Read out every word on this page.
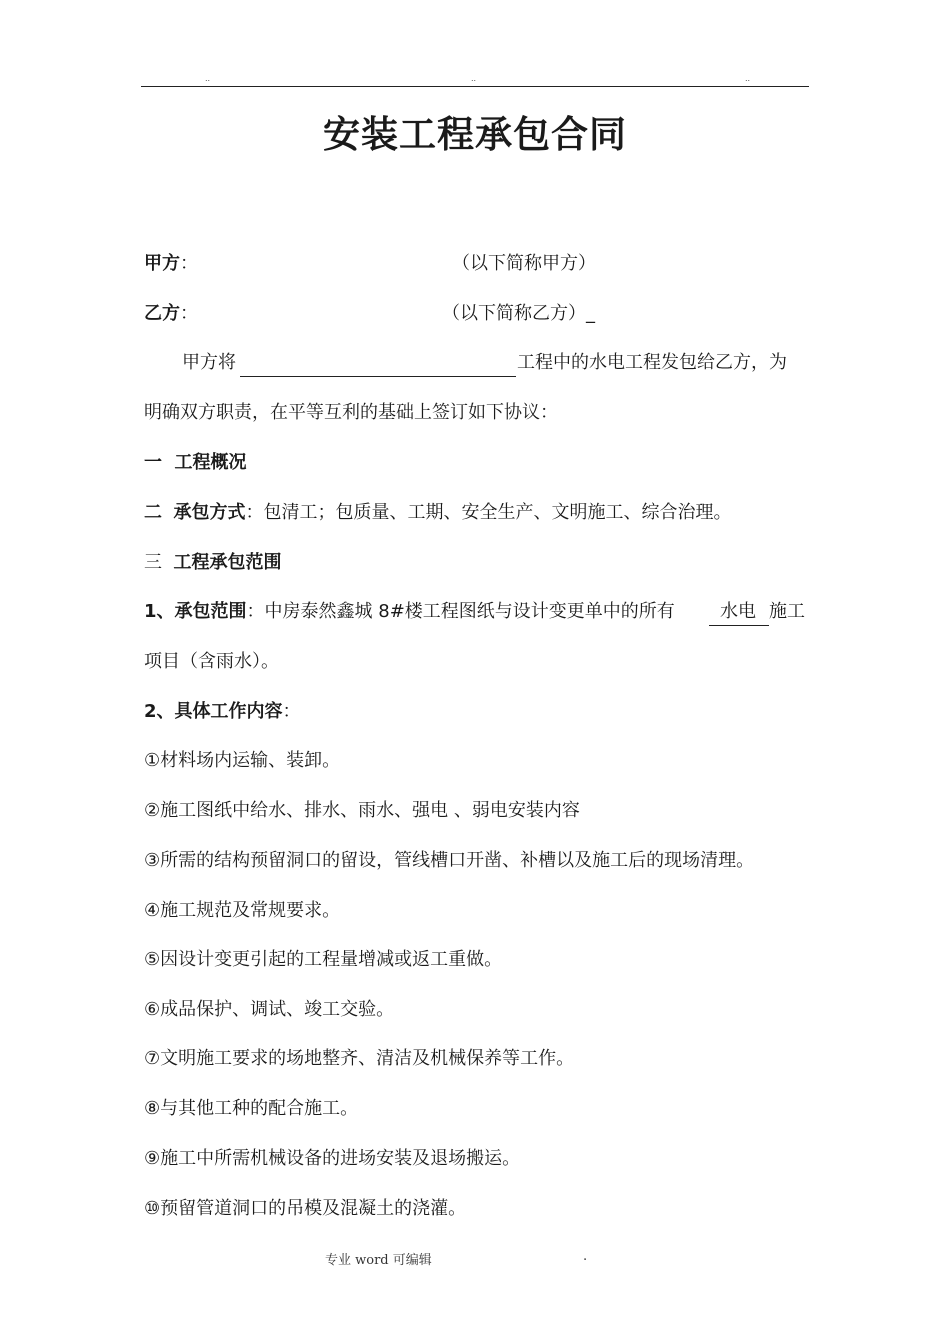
..	..	..
安装工程承包合同
甲方：	（以下简称甲方）
乙方：	（以下简称乙方）_
甲方将	工程中的水电工程发包给乙方，为
明确双方职责，在平等互利的基础上签订如下协议：
一 工程概况
二 承包方式：包清工；包质量、工期、安全生产、文明施工、综合治理。
三 工程承包范围
1、承包范围：中房泰然鑫城 8#楼工程图纸与设计变更单中的所有	水电 施工
项目（含雨水）。
2、具体工作内容：
①材料场内运输、装卸。
②施工图纸中给水、排水、雨水、强电 、弱电安装内容
③所需的结构预留洞口的留设，管线槽口开凿、补槽以及施工后的现场清理。
④施工规范及常规要求。
⑤因设计变更引起的工程量增减或返工重做。
⑥成品保护、调试、竣工交验。
⑦文明施工要求的场地整齐、清洁及机械保养等工作。
⑧与其他工种的配合施工。
⑨施工中所需机械设备的进场安装及退场搬运。
⑩预留管道洞口的吊模及混凝土的浇灌。
专业 word 可编辑	.
